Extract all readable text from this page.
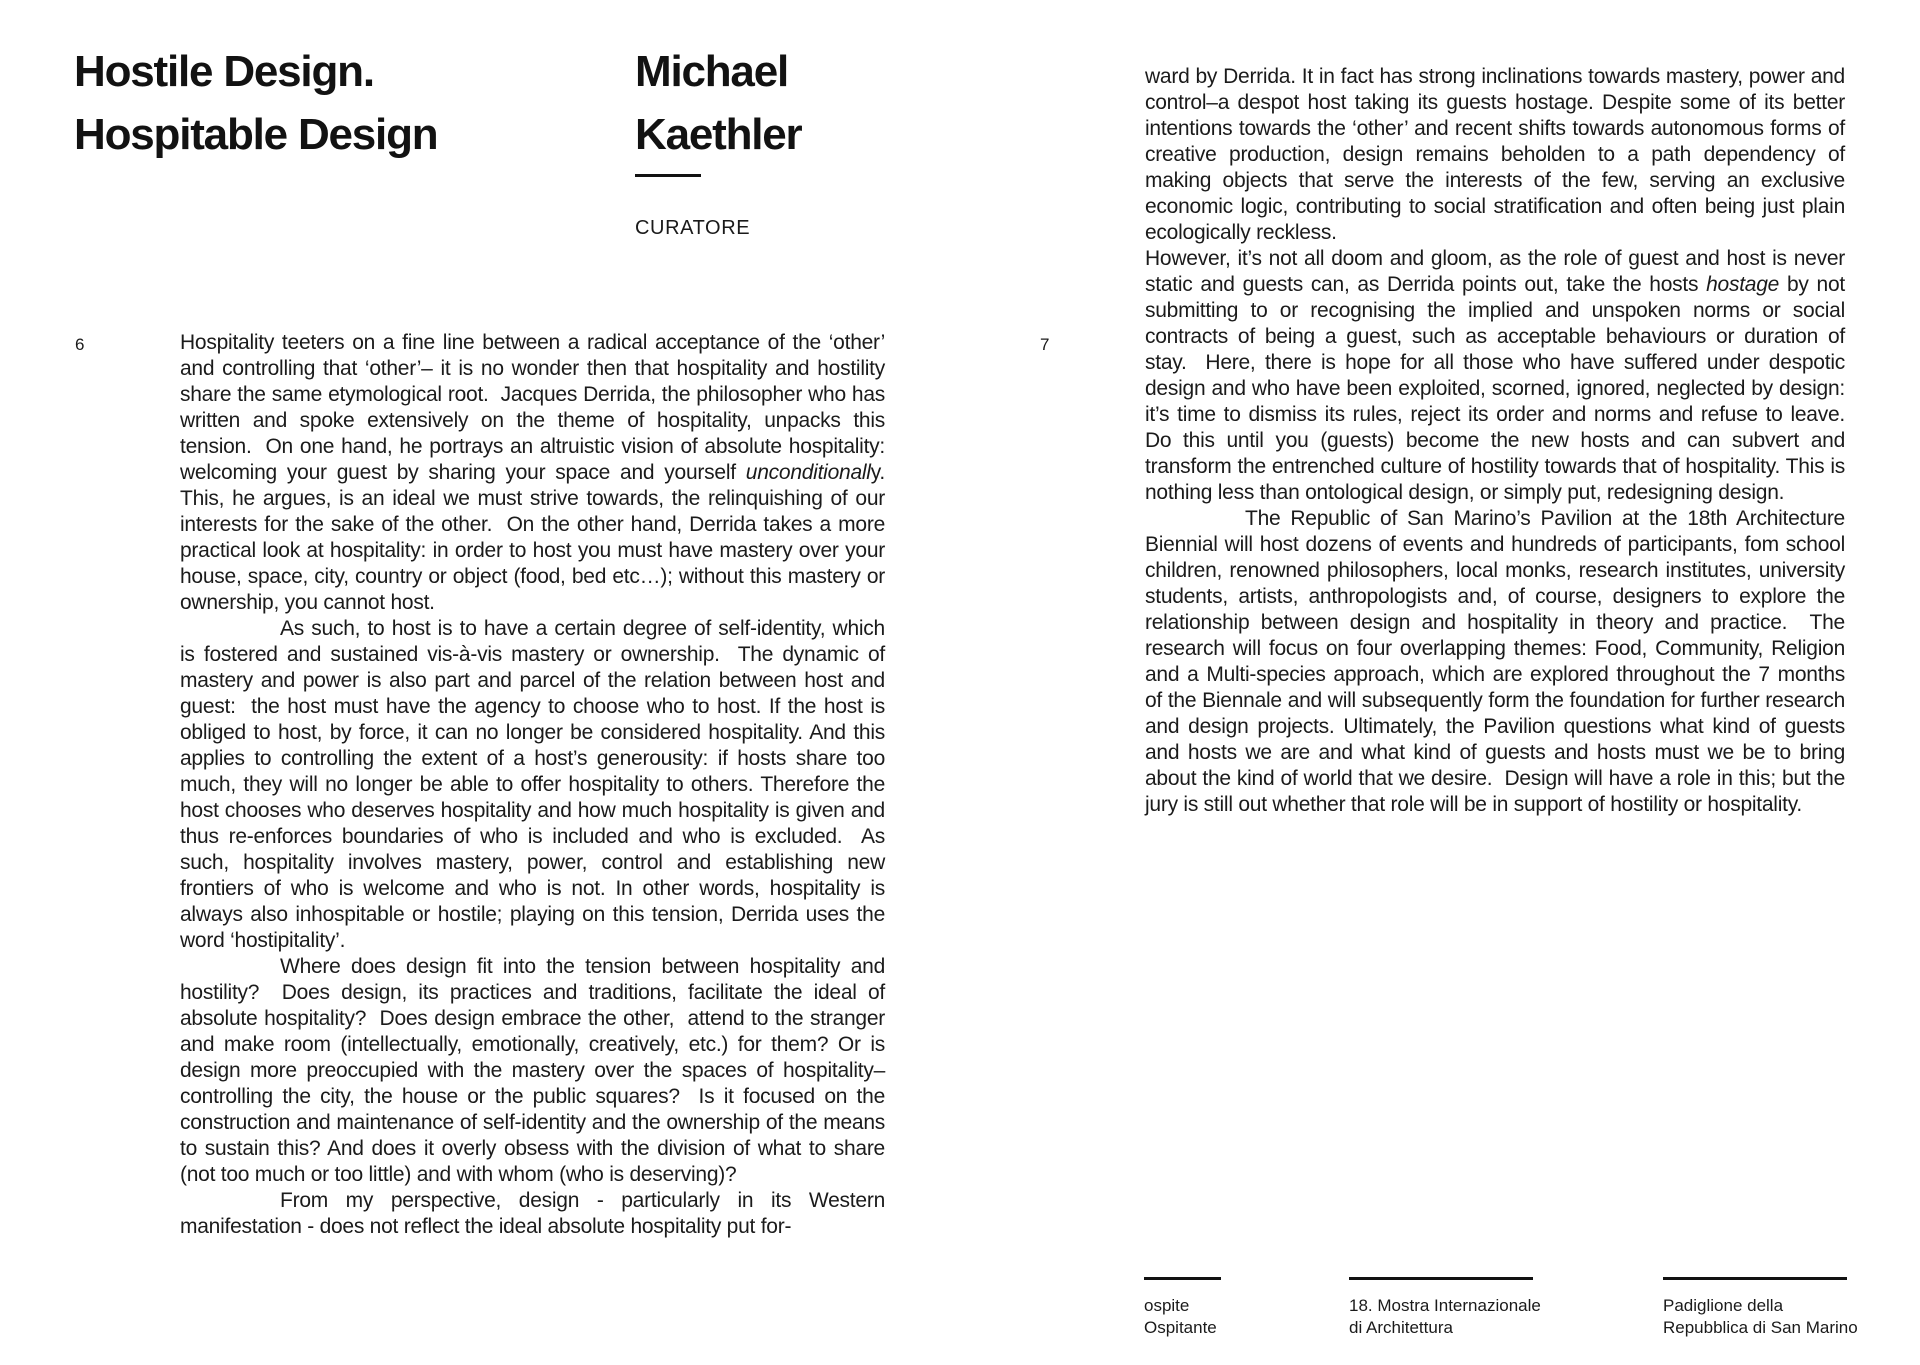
Hostile Design.
Hospitable Design
Michael
Kaethler
CURATORE
6	7

Hospitality teeters on a fine line between a radical acceptance of the ‘other’ and controlling that ‘other’– it is no wonder then that hospitality and hostility share the same etymological root.  Jacques Derrida, the philosopher who has written and spoke extensively on the theme of hospitality, unpacks this tension.  On one hand, he portrays an altruistic vision of absolute hospitality: welcoming your guest by sharing your space and yourself unconditionally. This, he argues, is an ideal we must strive towards, the relinquishing of our interests for the sake of the other.  On the other hand, Derrida takes a more practical look at hospitality: in order to host you must have mastery over your house, space, city, country or object (food, bed etc…); without this mastery or ownership, you cannot host.

As such, to host is to have a certain degree of self-identity, which is fostered and sustained vis-à-vis mastery or ownership.  The dynamic of mastery and power is also part and parcel of the relation between host and guest:  the host must have the agency to choose who to host. If the host is obliged to host, by force, it can no longer be considered hospitality. And this applies to controlling the extent of a host’s generousity: if hosts share too much, they will no longer be able to offer hospitality to others. Therefore the host chooses who deserves hospitality and how much hospitality is given and thus re-enforces boundaries of who is included and who is excluded.  As such, hospitality involves mastery, power, control and establishing new frontiers of who is welcome and who is not. In other words, hospitality is always also inhospitable or hostile; playing on this tension, Derrida uses the word ‘hostipitality’.

Where does design fit into the tension between hospitality and hostility?  Does design, its practices and traditions, facilitate the ideal of absolute hospitality?  Does design embrace the other,  attend to the stranger and make room (intellectually, emotionally, creatively, etc.) for them? Or is design more preoccupied with the mastery over the spaces of hospitality–controlling the city, the house or the public squares?  Is it focused on the construction and maintenance of self-identity and the ownership of the means to sustain this? And does it overly obsess with the division of what to share (not too much or too little) and with whom (who is deserving)?

From my perspective, design - particularly in its Western manifestation - does not reflect the ideal absolute hospitality put for-

ward by Derrida. It in fact has strong inclinations towards mastery, power and control–a despot host taking its guests hostage. Despite some of its better intentions towards the ‘other’ and recent shifts towards autonomous forms of creative production, design remains beholden to a path dependency of making objects that serve the interests of the few, serving an exclusive economic logic, contributing to social stratification and often being just plain ecologically reckless.

However, it’s not all doom and gloom, as the role of guest and host is never static and guests can, as Derrida points out, take the hosts hostage by not submitting to or recognising the implied and unspoken norms or social contracts of being a guest, such as acceptable behaviours or duration of stay.  Here, there is hope for all those who have suffered under despotic design and who have been exploited, scorned, ignored, neglected by design: it’s time to dismiss its rules, reject its order and norms and refuse to leave. Do this until you (guests) become the new hosts and can subvert and transform the entrenched culture of hostility towards that of hospitality. This is nothing less than ontological design, or simply put, redesigning design.

The Republic of San Marino’s Pavilion at the 18th Architecture Biennial will host dozens of events and hundreds of participants, fom school children, renowned philosophers, local monks, research institutes, university students, artists, anthropologists and, of course, designers to explore the relationship between design and hospitality in theory and practice.  The research will focus on four overlapping themes: Food, Community, Religion and a Multi-species approach, which are explored throughout the 7 months of the Biennale and will subsequently form the foundation for further research and design projects. Ultimately, the Pavilion questions what kind of guests and hosts we are and what kind of guests and hosts must we be to bring about the kind of world that we desire.  Design will have a role in this; but the jury is still out whether that role will be in support of hostility or hospitality.

ospite
Ospitante
18. Mostra Internazionale
di Architettura
Padiglione della
Repubblica di San Marino
